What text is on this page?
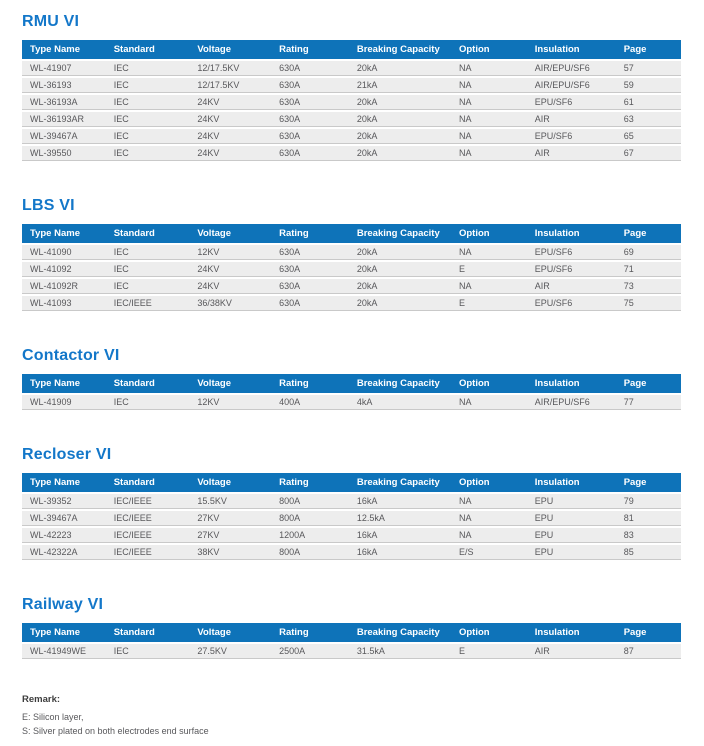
RMU VI
Type Name	Standard	Voltage	Rating	Breaking Capacity	Option	Insulation	Page
WL-41907	IEC	12/17.5KV	630A	20kA	NA	AIR/EPU/SF6	57
WL-36193	IEC	12/17.5KV	630A	21kA	NA	AIR/EPU/SF6	59
WL-36193A	IEC	24KV	630A	20kA	NA	EPU/SF6	61
WL-36193AR	IEC	24KV	630A	20kA	NA	AIR	63
WL-39467A	IEC	24KV	630A	20kA	NA	EPU/SF6	65
WL-39550	IEC	24KV	630A	20kA	NA	AIR	67
LBS VI
Type Name	Standard	Voltage	Rating	Breaking Capacity	Option	Insulation	Page
WL-41090	IEC	12KV	630A	20kA	NA	EPU/SF6	69
WL-41092	IEC	24KV	630A	20kA	E	EPU/SF6	71
WL-41092R	IEC	24KV	630A	20kA	NA	AIR	73
WL-41093	IEC/IEEE	36/38KV	630A	20kA	E	EPU/SF6	75
Contactor VI
Type Name	Standard	Voltage	Rating	Breaking Capacity	Option	Insulation	Page
WL-41909	IEC	12KV	400A	4kA	NA	AIR/EPU/SF6	77
Recloser VI
Type Name	Standard	Voltage	Rating	Breaking Capacity	Option	Insulation	Page
WL-39352	IEC/IEEE	15.5KV	800A	16kA	NA	EPU	79
WL-39467A	IEC/IEEE	27KV	800A	12.5kA	NA	EPU	81
WL-42223	IEC/IEEE	27KV	1200A	16kA	NA	EPU	83
WL-42322A	IEC/IEEE	38KV	800A	16kA	E/S	EPU	85
Railway VI
Type Name	Standard	Voltage	Rating	Breaking Capacity	Option	Insulation	Page
WL-41949WE	IEC	27.5KV	2500A	31.5kA	E	AIR	87
Remark:
E: Silicon layer,
S: Silver plated on both electrodes end surface
